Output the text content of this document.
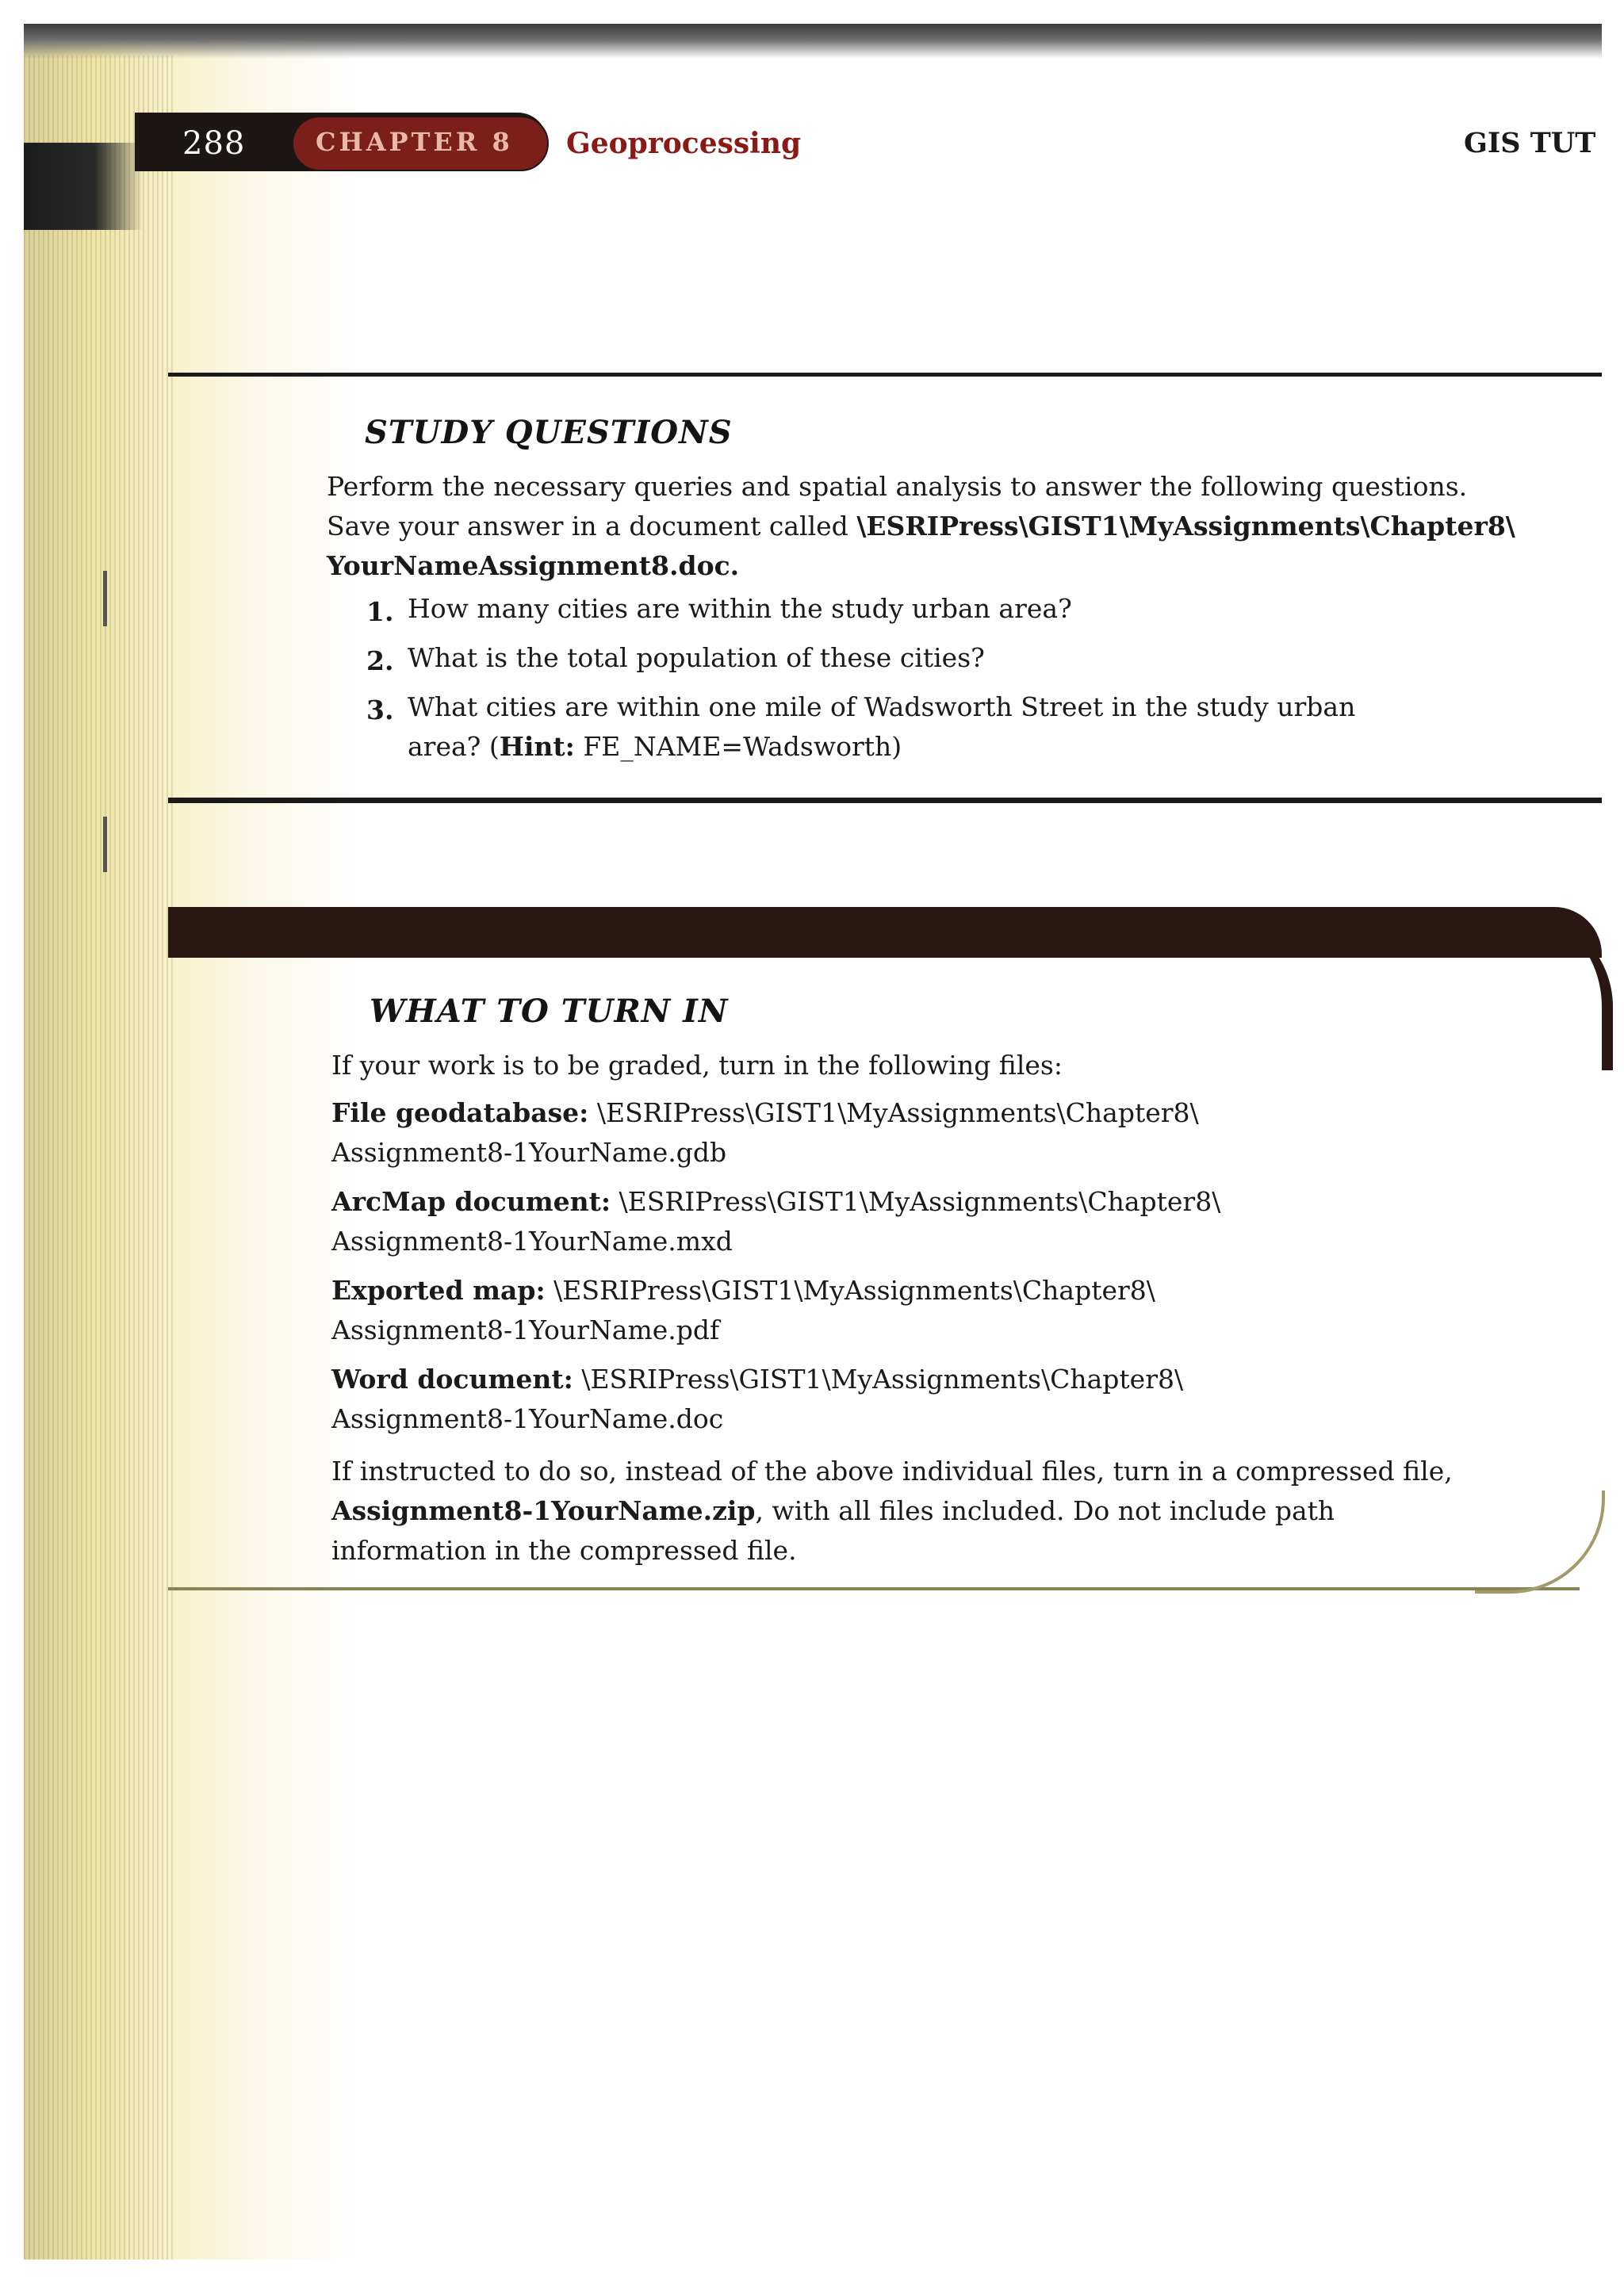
288	CHAPTER 8 Geoprocessing	GIS TUT
STUDY QUESTIONS
Perform the necessary queries and spatial analysis to answer the following questions.
Save your answer in a document called \ESRIPress\GIST1\MyAssignments\Chapter8\
YourNameAssignment8.doc.
1. How many cities are within the study urban area?
2. What is the total population of these cities?
3. What cities are within one mile of Wadsworth Street in the study urban
area? (Hint: FE_NAME=Wadsworth)
WHAT TO TURN IN
If your work is to be graded, turn in the following files:
File geodatabase: \ESRIPress\GIST1\MyAssignments\Chapter8\
Assignment8-1YourName.gdb
ArcMap document: \ESRIPress\GIST1\MyAssignments\Chapter8\
Assignment8-1YourName.mxd
Exported map: \ESRIPress\GIST1\MyAssignments\Chapter8\
Assignment8-1YourName.pdf
Word document: \ESRIPress\GIST1\MyAssignments\Chapter8\
Assignment8-1YourName.doc
If instructed to do so, instead of the above individual files, turn in a compressed file,
Assignment8-1YourName.zip, with all files included. Do not include path
information in the compressed file.
